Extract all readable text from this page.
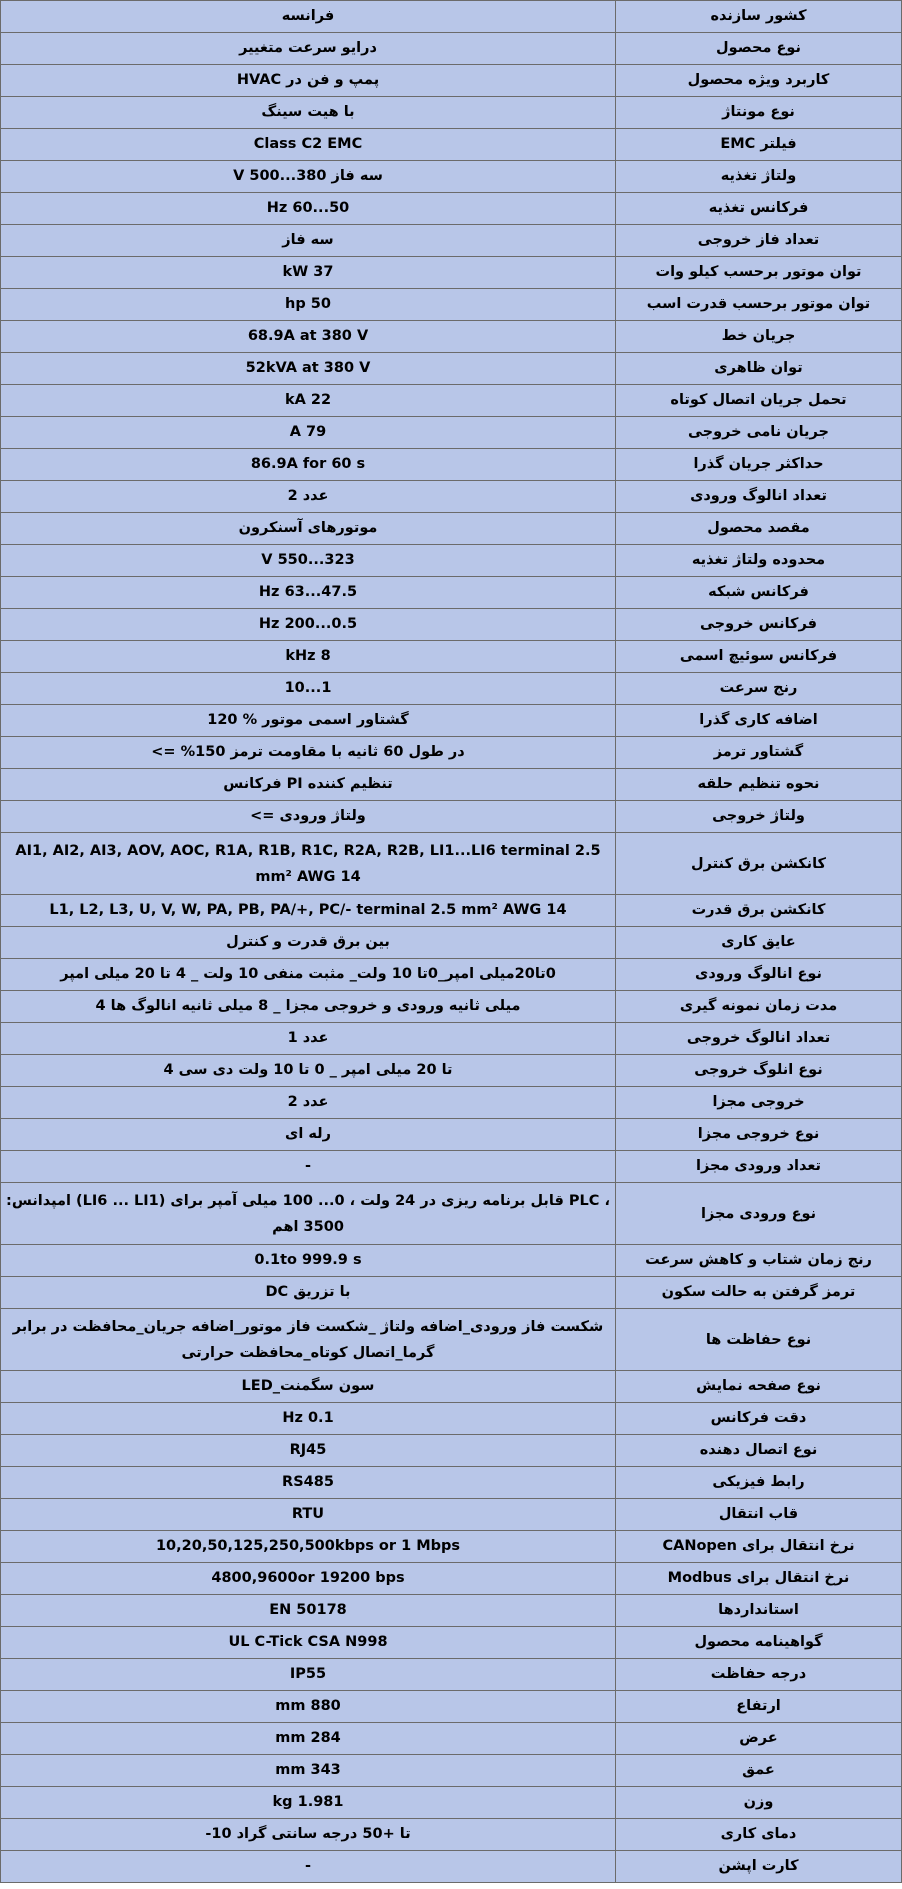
کشور سازنده	فرانسه
نوع محصول	درایو سرعت متغییر
کاربرد ویژه محصول	پمپ و فن در HVAC
نوع مونتاژ	با هیت سینگ
فیلتر EMC	Class C2 EMC
ولتاژ تغذیه	سه فاز 380...500 V
فرکانس تغذیه	50...60 Hz
تعداد فاز خروجی	سه فاز
توان موتور برحسب کیلو وات	37 kW
توان موتور برحسب قدرت اسب	50 hp
جریان خط	68.9A at 380 V
توان ظاهری	52kVA at 380 V
تحمل جریان اتصال کوتاه	22 kA
جریان نامی خروجی	79 A
حداکثر جریان گذرا	86.9A for 60 s
تعداد انالوگ ورودی	عدد 2
مقصد محصول	موتورهای آسنکرون
محدوده ولتاژ تغذیه	323...550 V
فرکانس شبکه	47.5...63 Hz
فرکانس خروجی	0.5...200 Hz
فرکانس سوئیچ اسمی	8 kHz
رنج سرعت	1...10
اضافه کاری گذرا	گشتاور اسمی موتور % 120
گشتاور ترمز	در طول 60 ثانیه با مقاومت ترمز 150% =>
نحوه تنظیم حلقه	تنظیم کننده PI فرکانس
ولتاژ خروجی	ولتاژ ورودی =>
کانکشن برق کنترل	AI1, AI2, AI3, AOV, AOC, R1A, R1B, R1C, R2A, R2B, LI1...LI6 terminal 2.5 mm² AWG 14
کانکشن برق قدرت	L1, L2, L3, U, V, W, PA, PB, PA/+, PC/- terminal 2.5 mm² AWG 14
عایق کاری	بین برق قدرت و کنترل
نوع انالوگ ورودی	0تا20میلی امپر_0تا 10 ولت_ مثبت منفی 10 ولت _ 4 تا 20 میلی امپر
مدت زمان نمونه گیری	میلی ثانیه ورودی و خروجی مجزا _ 8 میلی ثانیه انالوگ ها 4
تعداد انالوگ خروجی	عدد 1
نوع انلوگ خروجی	تا 20 میلی امپر _ 0 تا 10 ولت دی سی 4
خروجی مجزا	عدد 2
نوع خروجی مجزا	رله ای
تعداد ورودی مجزا	-
نوع ورودی مجزا	، PLC قابل برنامه ریزی در 24 ولت ، 0... 100 میلی آمپر برای (LI6 ... LI1) امپدانس: 3500 اهم
رنج زمان شتاب و کاهش سرعت	0.1to 999.9 s
ترمز گرفتن به حالت سکون	با تزریق DC
نوع حفاظت ها	شکست فاز ورودی_اضافه ولتاژ _شکست فاز موتور_اضافه جریان_محافظت در برابر گرما_اتصال کوتاه_محافظت حرارتی
نوع صفحه نمایش	سون سگمنت_LED
دقت فرکانس	0.1 Hz
نوع اتصال دهنده	RJ45
رابط فیزیکی	RS485
قاب انتقال	RTU
نرخ انتقال برای CANopen	10,20,50,125,250,500kbps or 1 Mbps
نرخ انتقال برای Modbus	4800,9600or 19200 bps
استانداردها	EN 50178
گواهینامه محصول	UL C-Tick CSA N998
درجه حفاظت	IP55
ارتفاع	880 mm
عرض	284 mm
عمق	343 mm
وزن	1.981 kg
دمای کاری	تا +50 درجه سانتی گراد 10-
کارت اپشن	-
